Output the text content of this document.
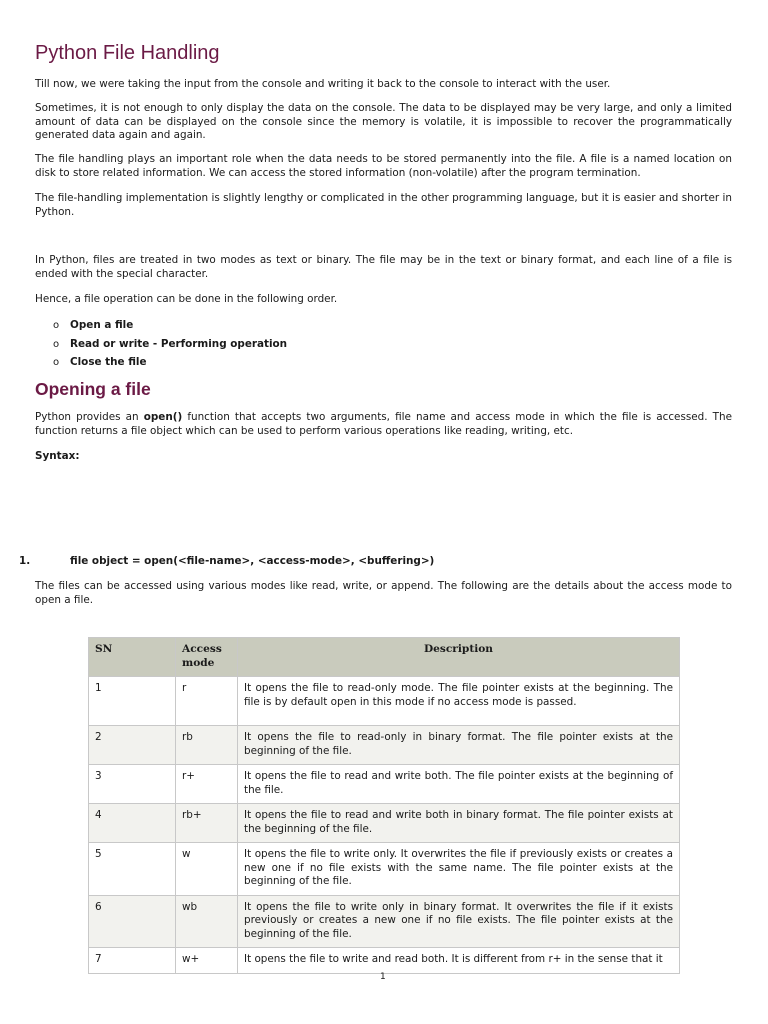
Python File Handling

Till now, we were taking the input from the console and writing it back to the console to interact with the user.

Sometimes, it is not enough to only display the data on the console. The data to be displayed may be very large, and only a limited amount of data can be displayed on the console since the memory is volatile, it is impossible to recover the programmatically generated data again and again.

The file handling plays an important role when the data needs to be stored permanently into the file. A file is a named location on disk to store related information. We can access the stored information (non-volatile) after the program termination.

The file-handling implementation is slightly lengthy or complicated in the other programming language, but it is easier and shorter in Python.

In Python, files are treated in two modes as text or binary. The file may be in the text or binary format, and each line of a file is ended with the special character.

Hence, a file operation can be done in the following order.

o Open a file
o Read or write - Performing operation
o Close the file
Opening a file

Python provides an open() function that accepts two arguments, file name and access mode in which the file is accessed. The function returns a file object which can be used to perform various operations like reading, writing, etc.

Syntax:

1.	file object = open(<file-name>, <access-mode>, <buffering>)

The files can be accessed using various modes like read, write, or append. The following are the details about the access mode to open a file.

SN	Access mode	Description
1	r	It opens the file to read-only mode. The file pointer exists at the beginning. The file is by default open in this mode if no access mode is passed.
2	rb	It opens the file to read-only in binary format. The file pointer exists at the beginning of the file.
3	r+	It opens the file to read and write both. The file pointer exists at the beginning of the file.
4	rb+	It opens the file to read and write both in binary format. The file pointer exists at the beginning of the file.
5	w	It opens the file to write only. It overwrites the file if previously exists or creates a new one if no file exists with the same name. The file pointer exists at the beginning of the file.
6	wb	It opens the file to write only in binary format. It overwrites the file if it exists previously or creates a new one if no file exists. The file pointer exists at the beginning of the file.
7	w+	It opens the file to write and read both. It is different from r+ in the sense that it
1
